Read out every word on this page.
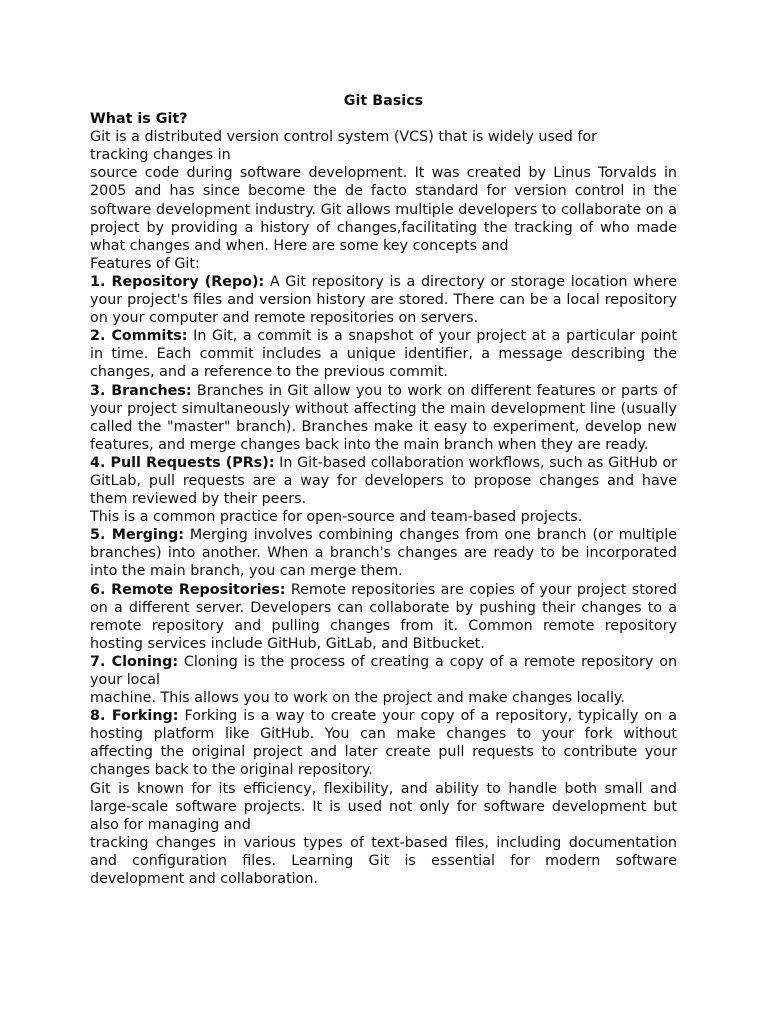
Git Basics

What is Git?

Git is a distributed version control system (VCS) that is widely used for
tracking changes in

source code during software development. It was created by Linus Torvalds in 2005 and has since become the de facto standard for version control in the software development industry. Git allows multiple developers to collaborate on a project by providing a history of changes,facilitating the tracking of who made what changes and when. Here are some key concepts and

Features of Git:

1. Repository (Repo): A Git repository is a directory or storage location where your project's files and version history are stored. There can be a local repository on your computer and remote repositories on servers.

2. Commits: In Git, a commit is a snapshot of your project at a particular point in time. Each commit includes a unique identifier, a message describing the changes, and a reference to the previous commit.

3. Branches: Branches in Git allow you to work on different features or parts of your project simultaneously without affecting the main development line (usually called the "master" branch). Branches make it easy to experiment, develop new features, and merge changes back into the main branch when they are ready.

4. Pull Requests (PRs): In Git-based collaboration workflows, such as GitHub or GitLab, pull requests are a way for developers to propose changes and have them reviewed by their peers.

This is a common practice for open-source and team-based projects.

5. Merging: Merging involves combining changes from one branch (or multiple branches) into another. When a branch's changes are ready to be incorporated into the main branch, you can merge them.

6. Remote Repositories: Remote repositories are copies of your project stored on a different server. Developers can collaborate by pushing their changes to a remote repository and pulling changes from it. Common remote repository hosting services include GitHub, GitLab, and Bitbucket.

7. Cloning: Cloning is the process of creating a copy of a remote repository on your local

machine. This allows you to work on the project and make changes locally.

8. Forking: Forking is a way to create your copy of a repository, typically on a hosting platform like GitHub. You can make changes to your fork without affecting the original project and later create pull requests to contribute your changes back to the original repository.

Git is known for its efficiency, flexibility, and ability to handle both small and large-scale software projects. It is used not only for software development but also for managing and

tracking changes in various types of text-based files, including documentation and configuration files. Learning Git is essential for modern software development and collaboration.
